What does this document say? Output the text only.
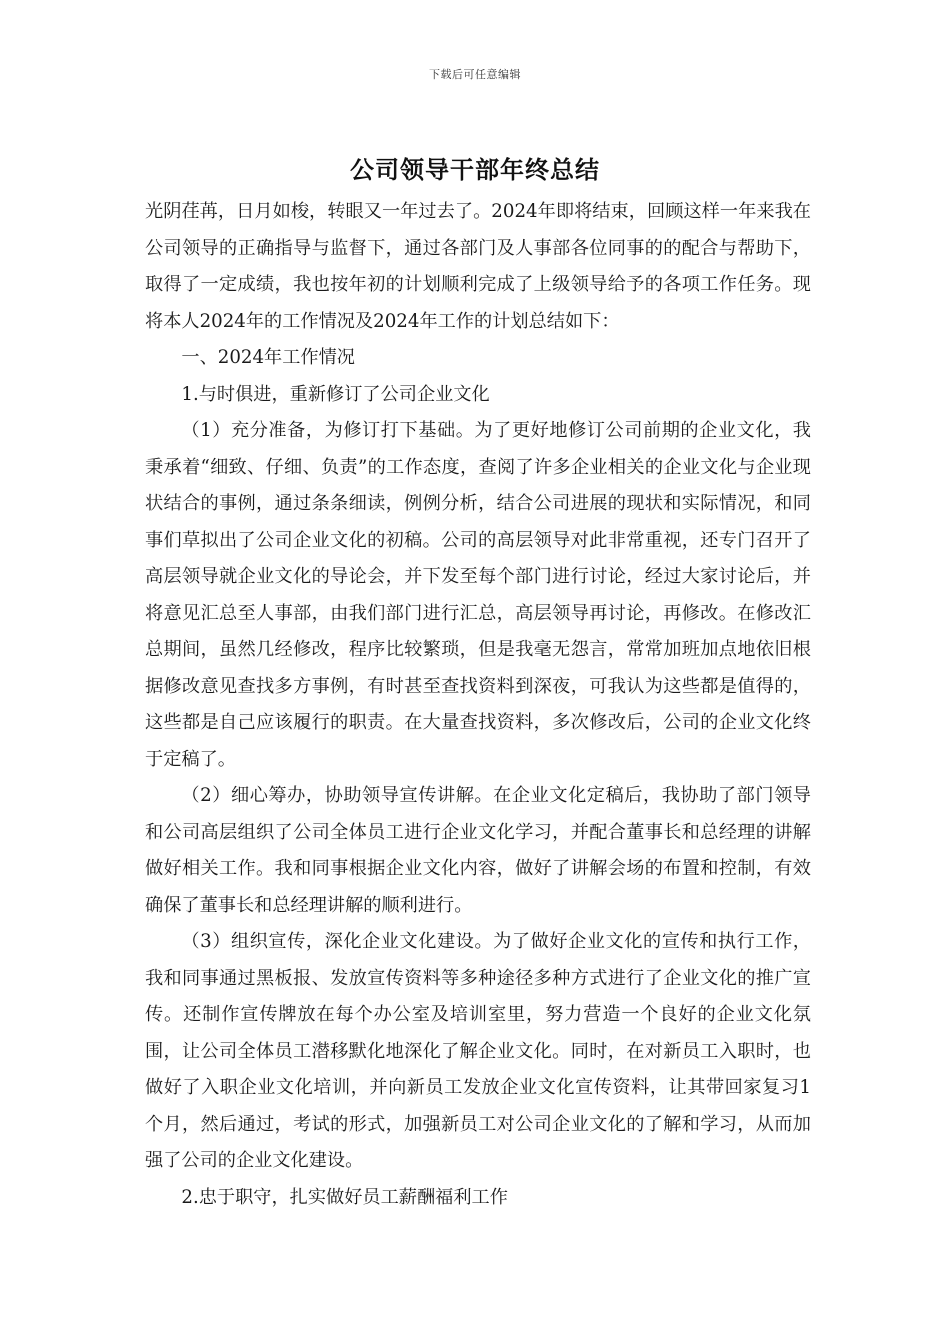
下载后可任意编辑
公司领导干部年终总结

光阴荏苒，日月如梭，转眼又一年过去了。2024年即将结束，回顾这样一年来我在公司领导的正确指导与监督下，通过各部门及人事部各位同事的的配合与帮助下，取得了一定成绩，我也按年初的计划顺利完成了上级领导给予的各项工作任务。现将本人2024年的工作情况及2024年工作的计划总结如下：

一、2024年工作情况

1.与时俱进，重新修订了公司企业文化

（1）充分准备，为修订打下基础。为了更好地修订公司前期的企业文化，我秉承着“细致、仔细、负责”的工作态度，查阅了许多企业相关的企业文化与企业现状结合的事例，通过条条细读，例例分析，结合公司进展的现状和实际情况，和同事们草拟出了公司企业文化的初稿。公司的高层领导对此非常重视，还专门召开了高层领导就企业文化的导论会，并下发至每个部门进行讨论，经过大家讨论后，并将意见汇总至人事部，由我们部门进行汇总，高层领导再讨论，再修改。在修改汇总期间，虽然几经修改，程序比较繁琐，但是我毫无怨言，常常加班加点地依旧根据修改意见查找多方事例，有时甚至查找资料到深夜，可我认为这些都是值得的，这些都是自己应该履行的职责。在大量查找资料，多次修改后，公司的企业文化终于定稿了。

（2）细心筹办，协助领导宣传讲解。在企业文化定稿后，我协助了部门领导和公司高层组织了公司全体员工进行企业文化学习，并配合董事长和总经理的讲解做好相关工作。我和同事根据企业文化内容，做好了讲解会场的布置和控制，有效确保了董事长和总经理讲解的顺利进行。

（3）组织宣传，深化企业文化建设。为了做好企业文化的宣传和执行工作，我和同事通过黑板报、发放宣传资料等多种途径多种方式进行了企业文化的推广宣传。还制作宣传牌放在每个办公室及培训室里，努力营造一个良好的企业文化氛围，让公司全体员工潜移默化地深化了解企业文化。同时，在对新员工入职时，也做好了入职企业文化培训，并向新员工发放企业文化宣传资料，让其带回家复习1个月，然后通过，考试的形式，加强新员工对公司企业文化的了解和学习，从而加强了公司的企业文化建设。

2.忠于职守，扎实做好员工薪酬福利工作
